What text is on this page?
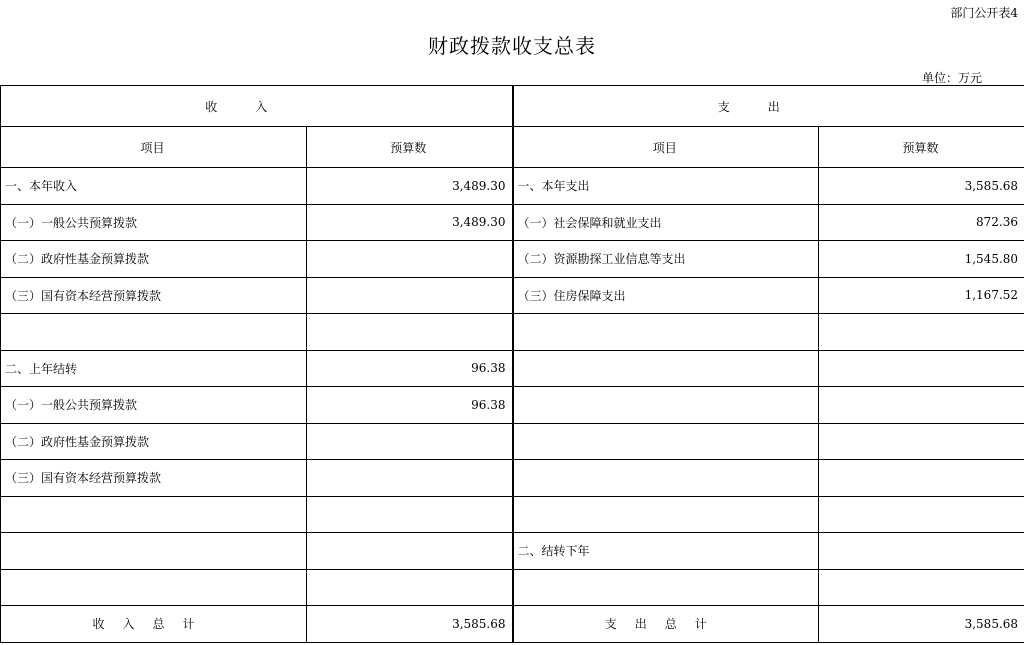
部门公开表4
财政拨款收支总表
单位：万元
收入		支出	
项目	预算数	项目	预算数
一、本年收入	3,489.30	一、本年支出	3,585.68
（一）一般公共预算拨款	3,489.30	（一）社会保障和就业支出	872.36
（二）政府性基金预算拨款		（二）资源勘探工业信息等支出	1,545.80
（三）国有资本经营预算拨款		（三）住房保障支出	1,167.52

二、上年结转	96.38		
（一）一般公共预算拨款	96.38		
（二）政府性基金预算拨款			
（三）国有资本经营预算拨款			

		二、结转下年	

收入总计	3,585.68	支出总计	3,585.68
